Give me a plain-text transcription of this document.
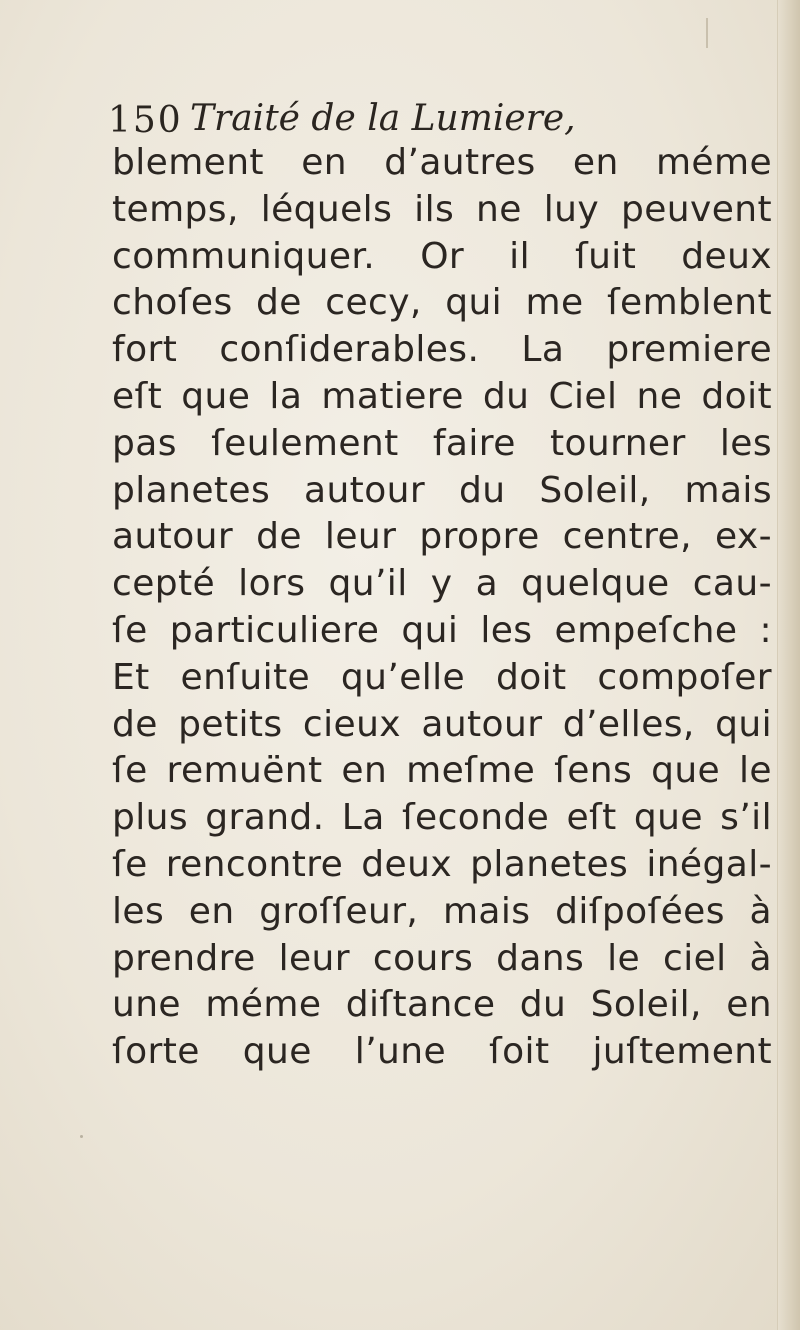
150 Traité de la Lumiere,
blement en d’autres en méme
temps, léquels ils ne luy peuvent
communiquer. Or il ſuit deux
choſes de cecy, qui me ſemblent
fort conſiderables. La premiere
eſt que la matiere du Ciel ne doit
pas ſeulement faire tourner les
planetes autour du Soleil, mais
autour de leur propre centre, ex-
cepté lors qu’il y a quelque cau-
ſe particuliere qui les empeſche :
Et enſuite qu’elle doit compoſer
de petits cieux autour d’elles, qui
ſe remuënt en meſme ſens que le
plus grand. La ſeconde eſt que s’il
ſe rencontre deux planetes inégal-
les en groſſeur, mais diſpoſées à
prendre leur cours dans le ciel à
une méme diſtance du Soleil, en
ſorte que l’une ſoit juſtement
